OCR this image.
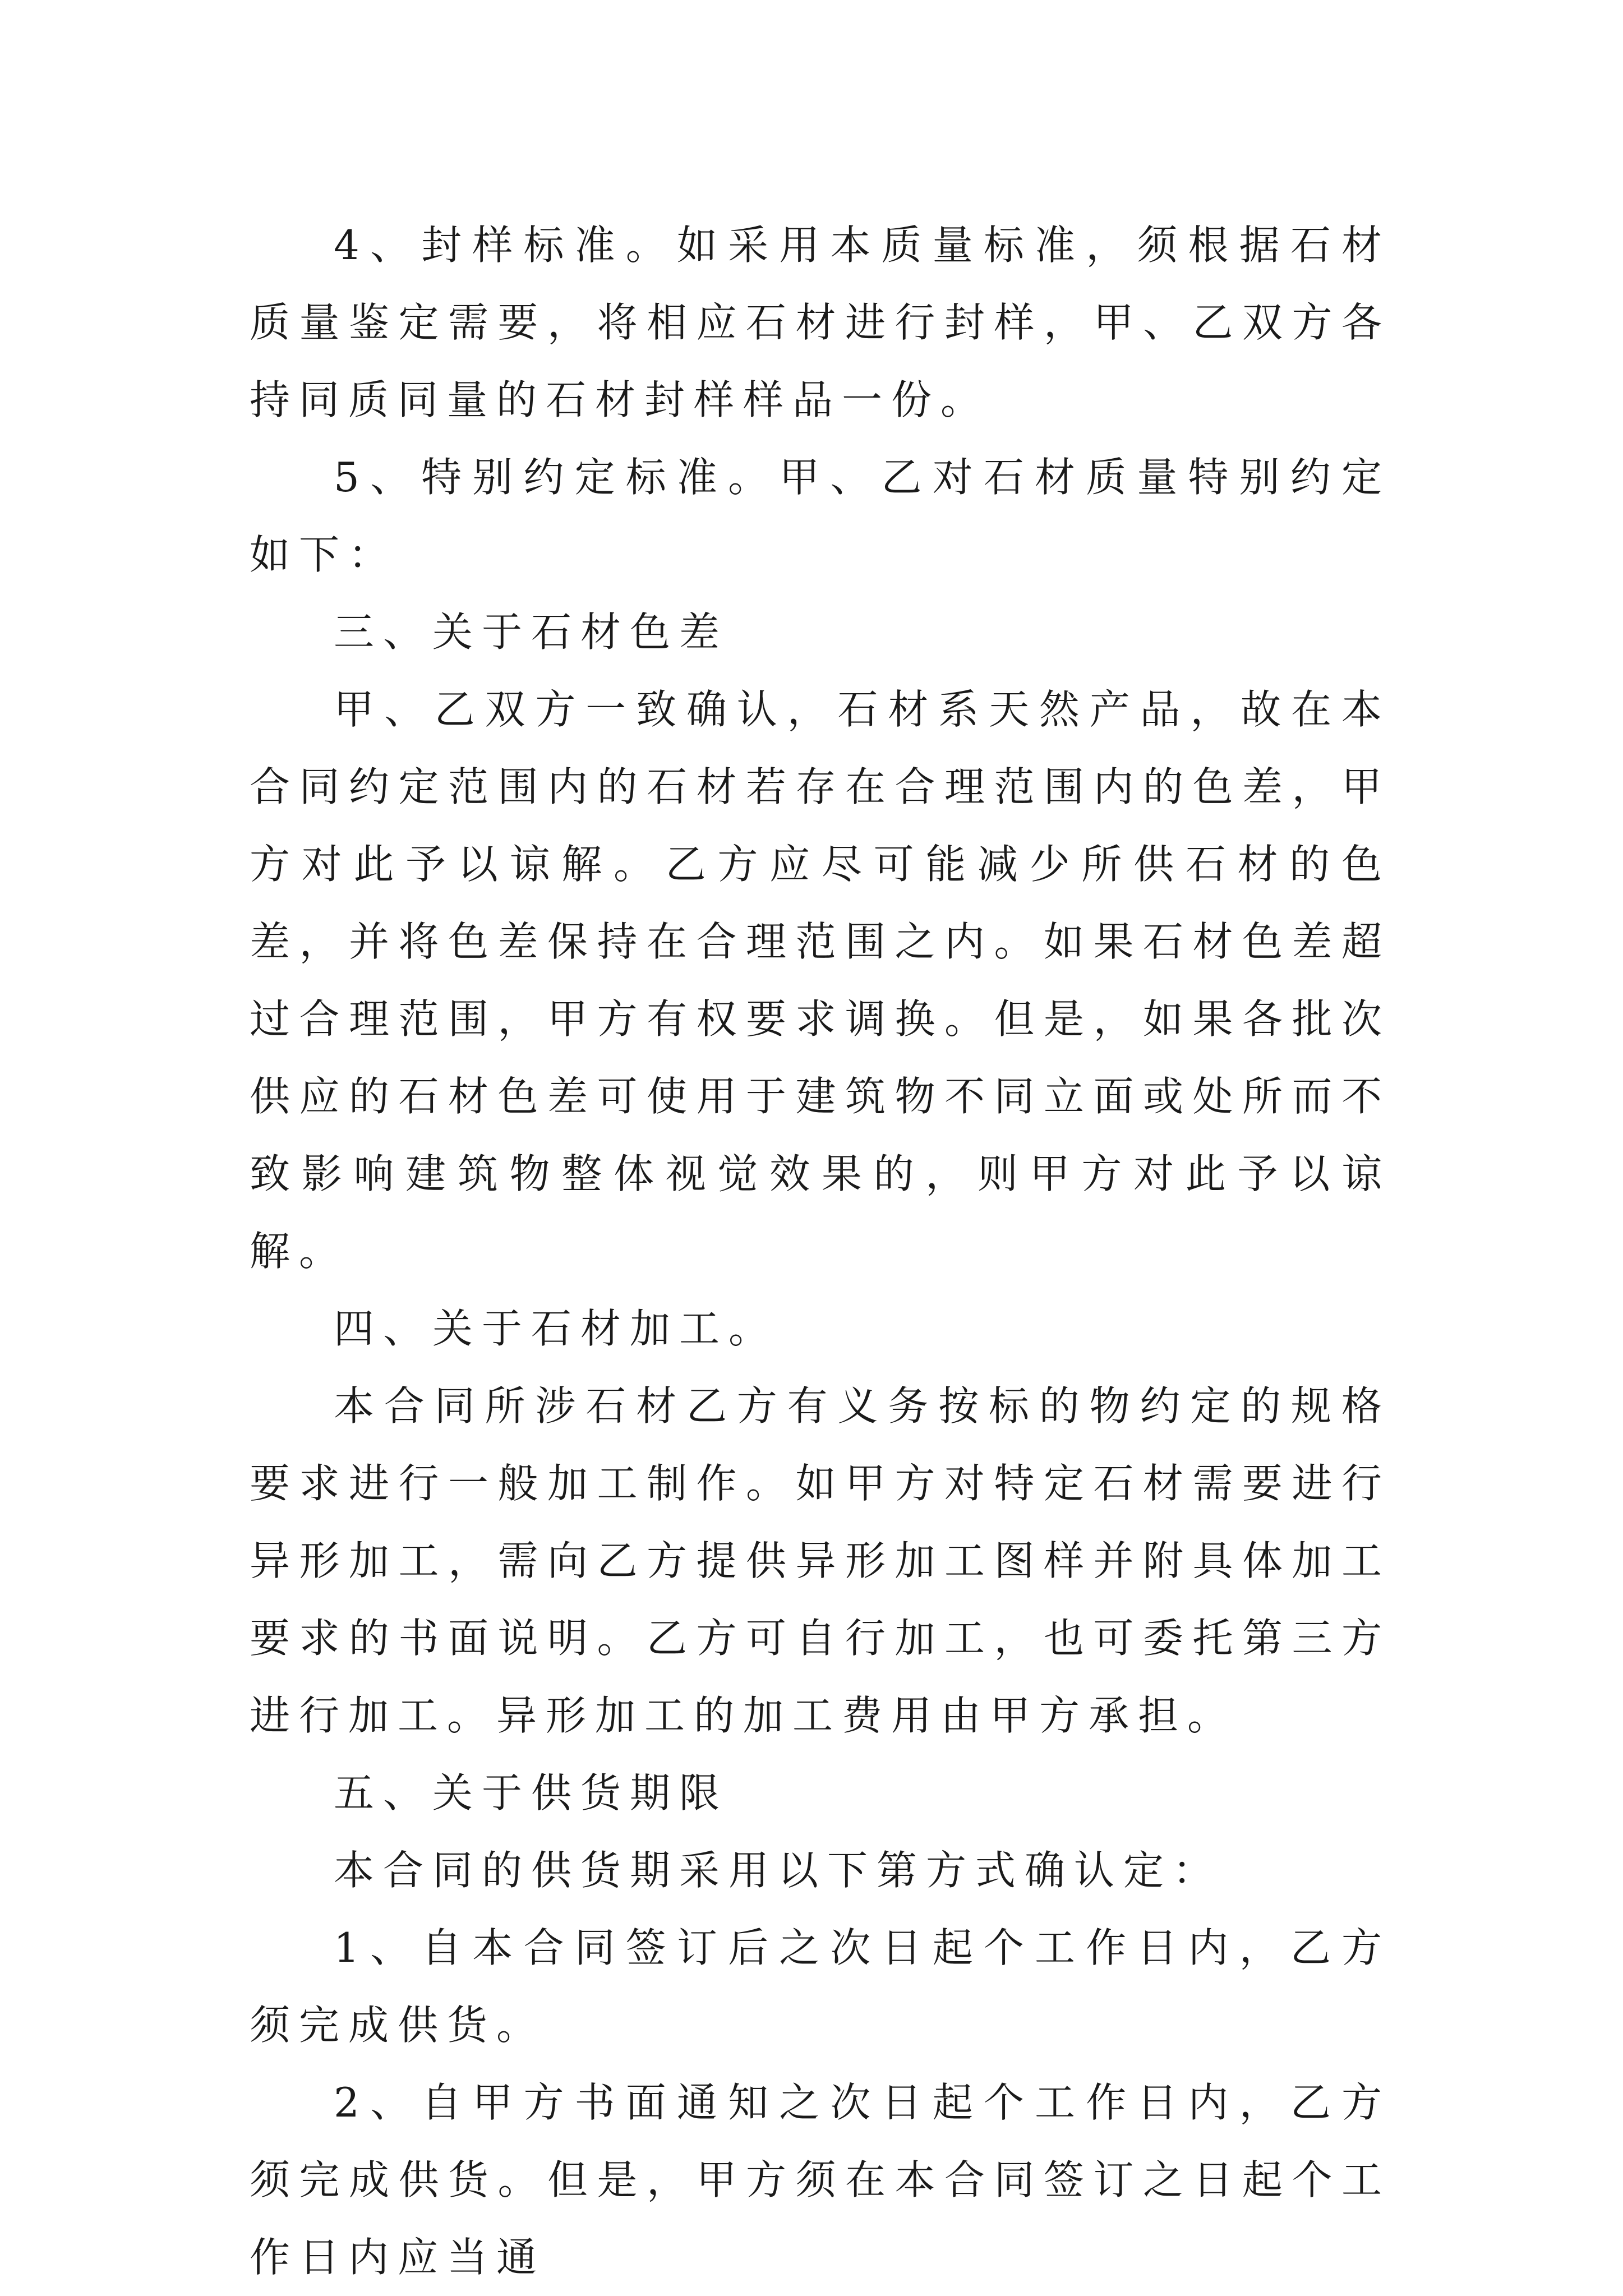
4、封样标准。如采用本质量标准，须根据石材质量鉴定需要，将相应石材进行封样，甲、乙双方各持同质同量的石材封样样品一份。

5、特别约定标准。甲、乙对石材质量特别约定如下：

三、关于石材色差

甲、乙双方一致确认，石材系天然产品，故在本合同约定范围内的石材若存在合理范围内的色差，甲方对此予以谅解。乙方应尽可能减少所供石材的色差，并将色差保持在合理范围之内。如果石材色差超过合理范围，甲方有权要求调换。但是，如果各批次供应的石材色差可使用于建筑物不同立面或处所而不致影响建筑物整体视觉效果的，则甲方对此予以谅解。

四、关于石材加工。

本合同所涉石材乙方有义务按标的物约定的规格要求进行一般加工制作。如甲方对特定石材需要进行异形加工，需向乙方提供异形加工图样并附具体加工要求的书面说明。乙方可自行加工，也可委托第三方进行加工。异形加工的加工费用由甲方承担。

五、关于供货期限

本合同的供货期采用以下第方式确认定：

1、自本合同签订后之次日起个工作日内，乙方须完成供货。

2、自甲方书面通知之次日起个工作日内，乙方须完成供货。但是，甲方须在本合同签订之日起个工作日内应当通
